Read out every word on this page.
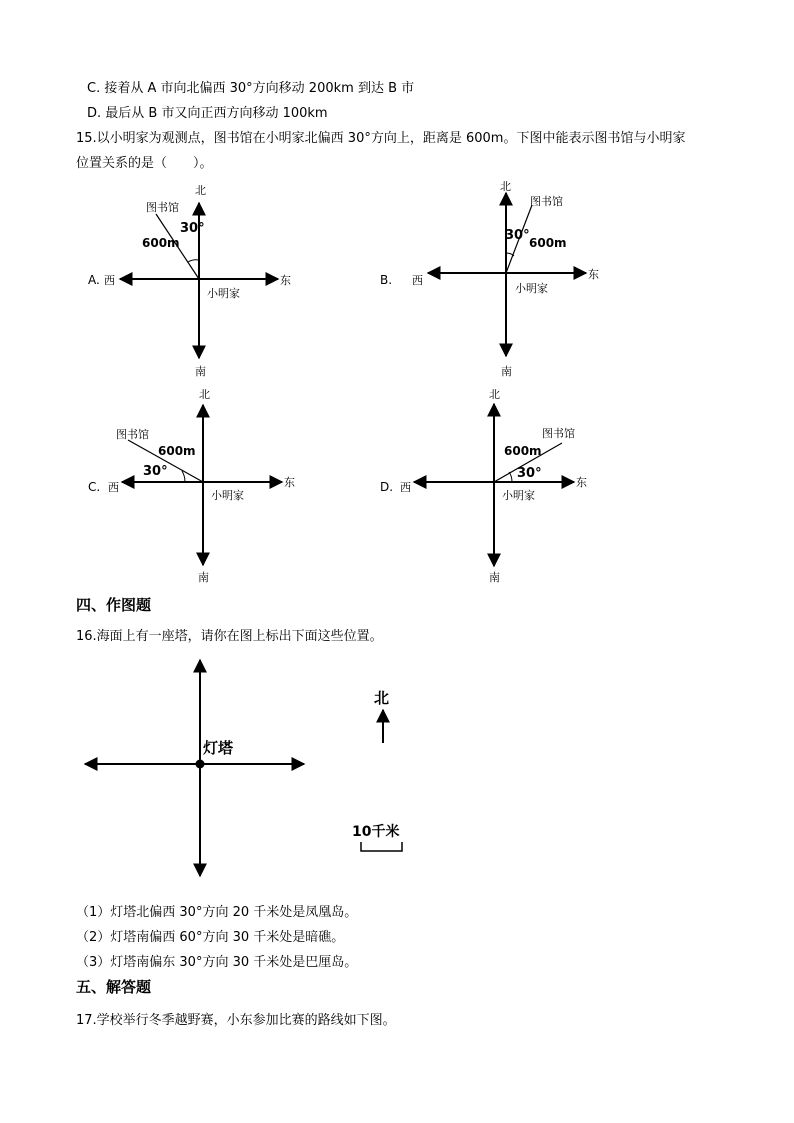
C. 接着从 A 市向北偏西 30°方向移动 200km 到达 B 市
D. 最后从 B 市又向正西方向移动 100km
15.以小明家为观测点，图书馆在小明家北偏西 30°方向上，距离是 600m。下图中能表示图书馆与小明家
位置关系的是（　　）。
A.
北
南
西	东
小明家
图书馆
30°
600m
B.
北
南
西	东
小明家
图书馆
30° 600m
C.
北
南
西	东
小明家
图书馆
600m
30°
D.
北
南
西	东
小明家
图书馆
600m
30°
灯塔
北
10千米
四、作图题
16.海面上有一座塔，请你在图上标出下面这些位置。
（1）灯塔北偏西 30°方向 20 千米处是凤凰岛。
（2）灯塔南偏西 60°方向 30 千米处是暗礁。
（3）灯塔南偏东 30°方向 30 千米处是巴厘岛。
五、解答题
17.学校举行冬季越野赛，小东参加比赛的路线如下图。
